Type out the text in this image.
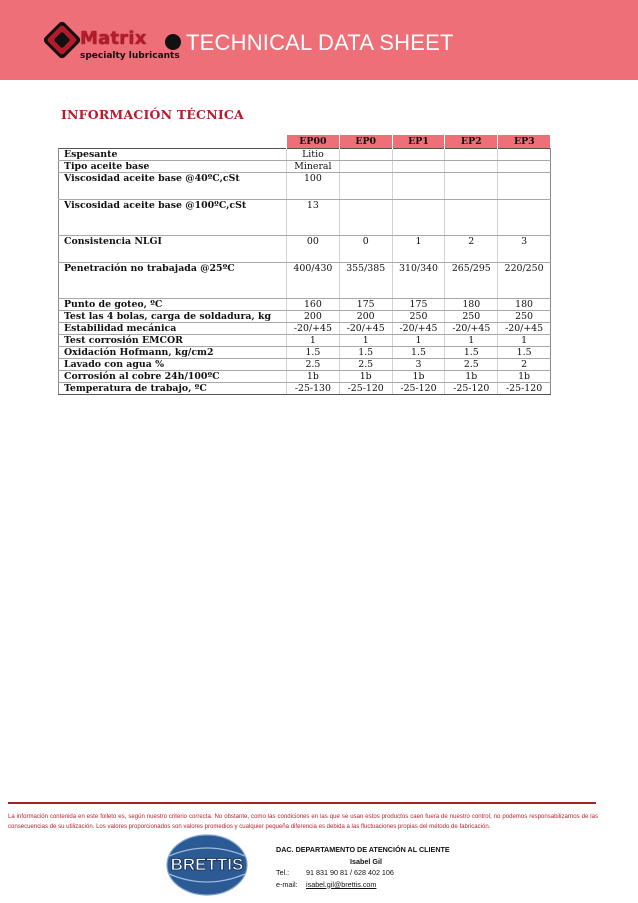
Matrix
specialty lubricants
TECHNICAL DATA SHEET
INFORMACIÓN TÉCNICA
	EP00	EP0	EP1	EP2	EP3
Espesante	Litio				
Tipo aceite base	Mineral				
Viscosidad aceite base @40ºC,cSt	100				
Viscosidad aceite base @100ºC,cSt	13				
Consistencia NLGI	00	0	1	2	3
Penetración no trabajada @25ºC	400/430	355/385	310/340	265/295	220/250
Punto de goteo, ºC	160	175	175	180	180
Test las 4 bolas, carga de soldadura, kg	200	200	250	250	250
Estabilidad mecánica	-20/+45	-20/+45	-20/+45	-20/+45	-20/+45
Test corrosión EMCOR	1	1	1	1	1
Oxidación Hofmann, kg/cm2	1.5	1.5	1.5	1.5	1.5
Lavado con agua %	2.5	2.5	3	2.5	2
Corrosión al cobre 24h/100ºC	1b	1b	1b	1b	1b
Temperatura de trabajo, ºC	-25-130	-25-120	-25-120	-25-120	-25-120
La información contenida en este folleto es, según nuestro criterio correcta. No obstante, como las condiciones en las que se usan estos productos caen fuera de nuestro control, no podemos responsabilizarnos de las consecuencias de su utilización. Los valores proporcionados son valores promedios y cualquier pequeña diferencia es debida a las fluctuaciones propias del método de fabricación.
BRETTIS
DAC. DEPARTAMENTO DE ATENCIÓN AL CLIENTE
Isabel Gil
Tel.:	91 831 90 81 / 628 402 106
e-mail:	isabel.gil@brettis.com
